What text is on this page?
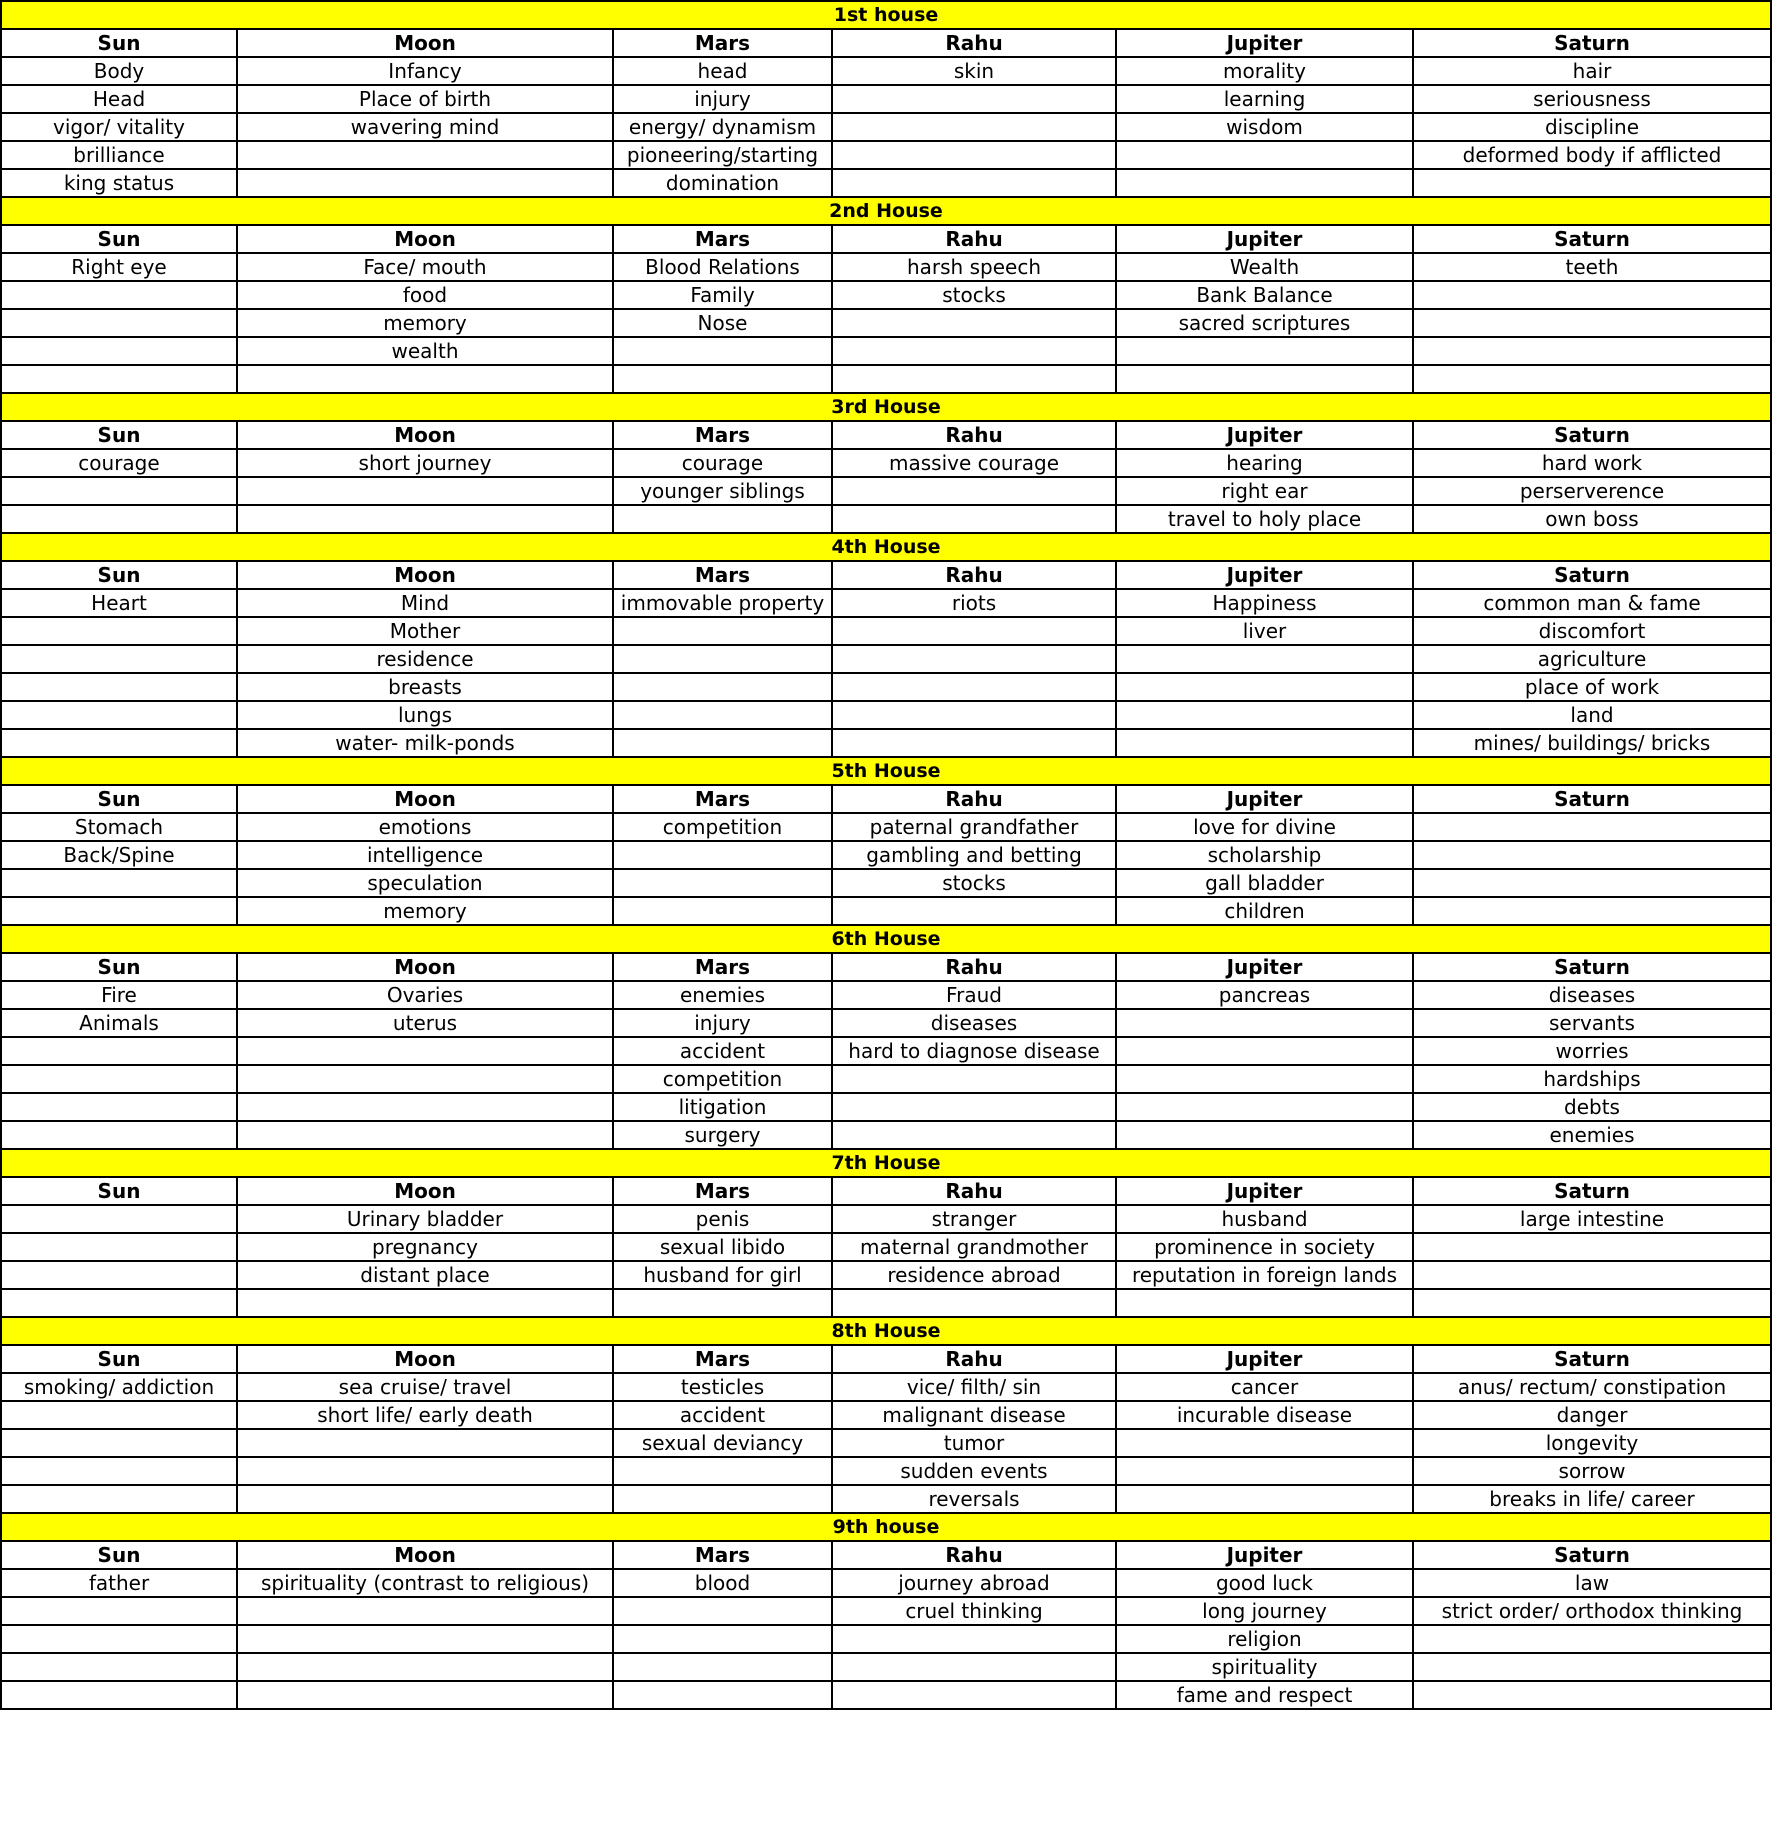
1st house					
Sun	Moon	Mars	Rahu	Jupiter	Saturn
Body	Infancy	head	skin	morality	hair
Head	Place of birth	injury		learning	seriousness
vigor/ vitality	wavering mind	energy/ dynamism		wisdom	discipline
brilliance		pioneering/starting			deformed body if afflicted
king status		domination			
2nd House					
Sun	Moon	Mars	Rahu	Jupiter	Saturn
Right eye	Face/ mouth	Blood Relations	harsh speech	Wealth	teeth
	food	Family	stocks	Bank Balance	
	memory	Nose		sacred scriptures	
	wealth				

3rd House					
Sun	Moon	Mars	Rahu	Jupiter	Saturn
courage	short journey	courage	massive courage	hearing	hard work
		younger siblings		right ear	perserverence
				travel to holy place	own boss
4th House					
Sun	Moon	Mars	Rahu	Jupiter	Saturn
Heart	Mind	immovable property	riots	Happiness	common man & fame
	Mother			liver	discomfort
	residence				agriculture
	breasts				place of work
	lungs				land
	water- milk-ponds				mines/ buildings/ bricks
5th House					
Sun	Moon	Mars	Rahu	Jupiter	Saturn
Stomach	emotions	competition	paternal grandfather	love for divine	
Back/Spine	intelligence		gambling and betting	scholarship	
	speculation		stocks	gall bladder	
	memory			children	
6th House					
Sun	Moon	Mars	Rahu	Jupiter	Saturn
Fire	Ovaries	enemies	Fraud	pancreas	diseases
Animals	uterus	injury	diseases		servants
		accident	hard to diagnose disease		worries
		competition			hardships
		litigation			debts
		surgery			enemies
7th House					
Sun	Moon	Mars	Rahu	Jupiter	Saturn
	Urinary bladder	penis	stranger	husband	large intestine
	pregnancy	sexual libido	maternal grandmother	prominence in society	
	distant place	husband for girl	residence abroad	reputation in foreign lands	

8th House					
Sun	Moon	Mars	Rahu	Jupiter	Saturn
smoking/ addiction	sea cruise/ travel	testicles	vice/ filth/ sin	cancer	anus/ rectum/ constipation
	short life/ early death	accident	malignant disease	incurable disease	danger
		sexual deviancy	tumor		longevity
			sudden events		sorrow
			reversals		breaks in life/ career
9th house					
Sun	Moon	Mars	Rahu	Jupiter	Saturn
father	spirituality (contrast to religious)	blood	journey abroad	good luck	law
			cruel thinking	long journey	strict order/ orthodox thinking
				religion	
				spirituality	
				fame and respect	
